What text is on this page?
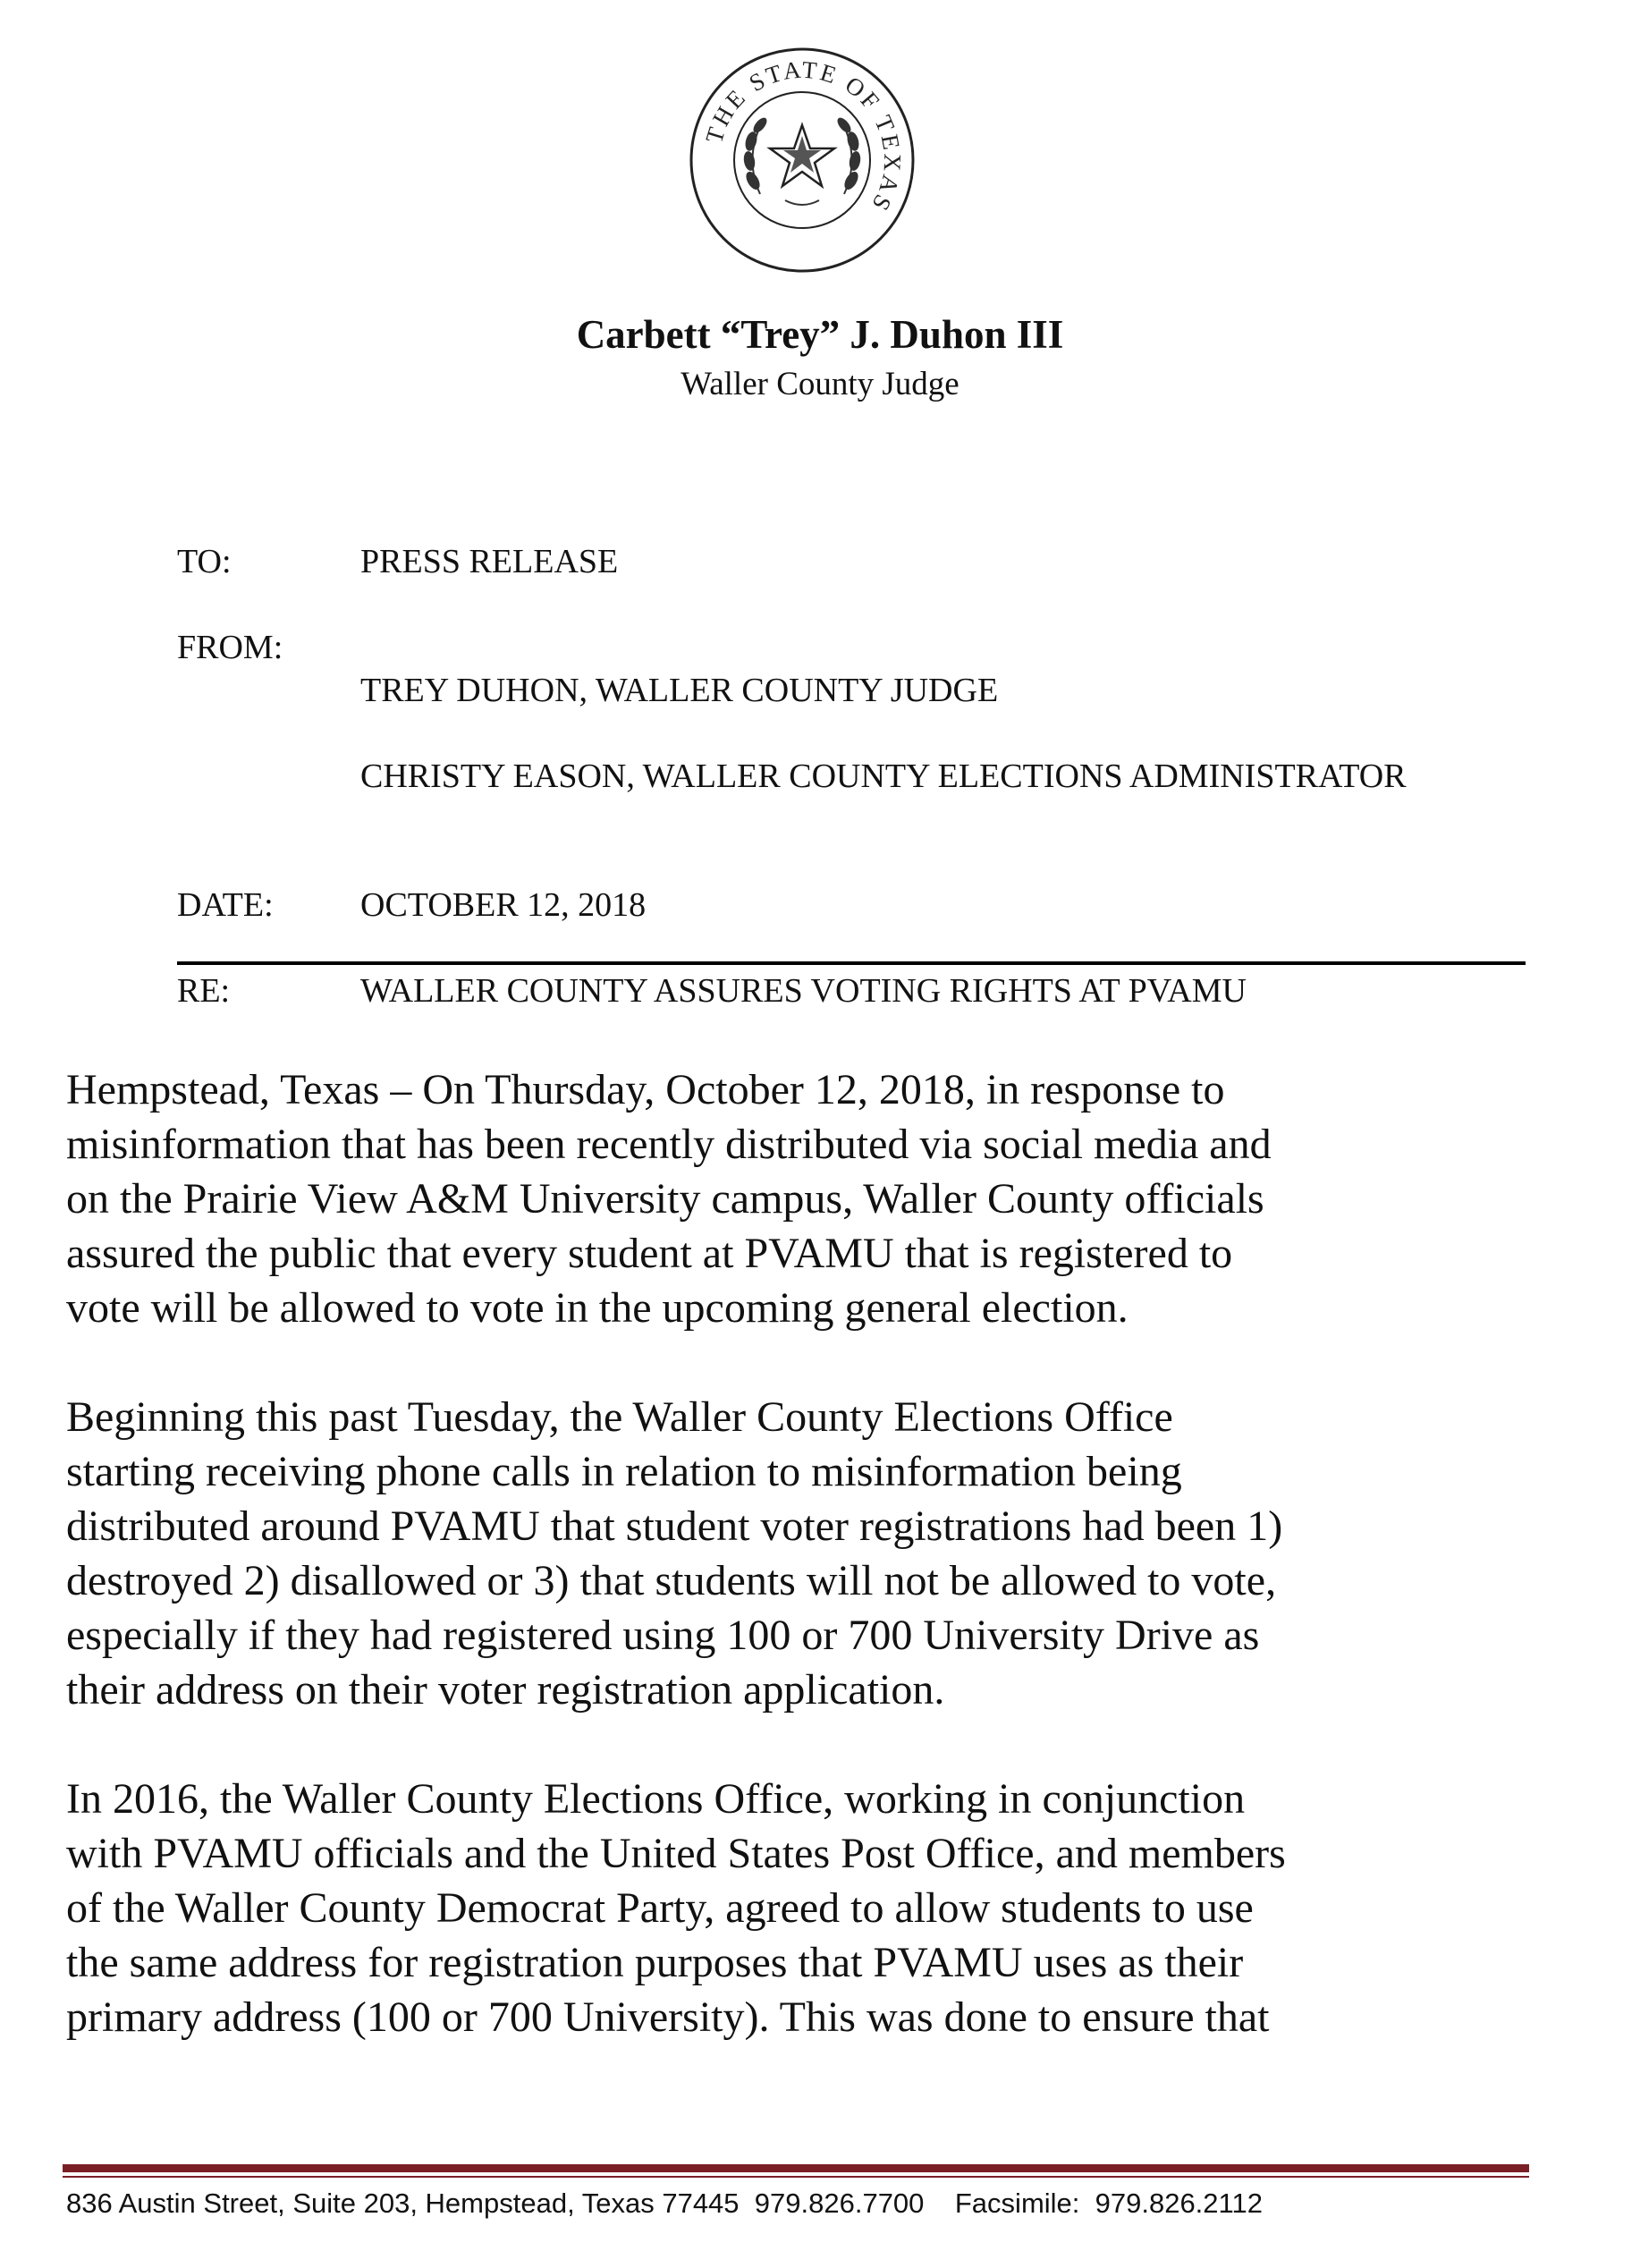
THE STATE OF TEXAS
Carbett “Trey” J. Duhon III
Waller County Judge
TO:	PRESS RELEASE
FROM:

TREY DUHON, WALLER COUNTY JUDGE

CHRISTY EASON, WALLER COUNTY ELECTIONS ADMINISTRATOR

DATE:	OCTOBER 12, 2018
RE:	WALLER COUNTY ASSURES VOTING RIGHTS AT PVAMU

Hempstead, Texas – On Thursday, October 12, 2018, in response to
misinformation that has been recently distributed via social media and
on the Prairie View A&M University campus, Waller County officials
assured the public that every student at PVAMU that is registered to
vote will be allowed to vote in the upcoming general election.

Beginning this past Tuesday, the Waller County Elections Office
starting receiving phone calls in relation to misinformation being
distributed around PVAMU that student voter registrations had been 1)
destroyed 2) disallowed or 3) that students will not be allowed to vote,
especially if they had registered using 100 or 700 University Drive as
their address on their voter registration application.

In 2016, the Waller County Elections Office, working in conjunction
with PVAMU officials and the United States Post Office, and members
of the Waller County Democrat Party, agreed to allow students to use
the same address for registration purposes that PVAMU uses as their
primary address (100 or 700 University). This was done to ensure that

836 Austin Street, Suite 203, Hempstead, Texas 77445 979.826.7700 Facsimile: 979.826.2112
